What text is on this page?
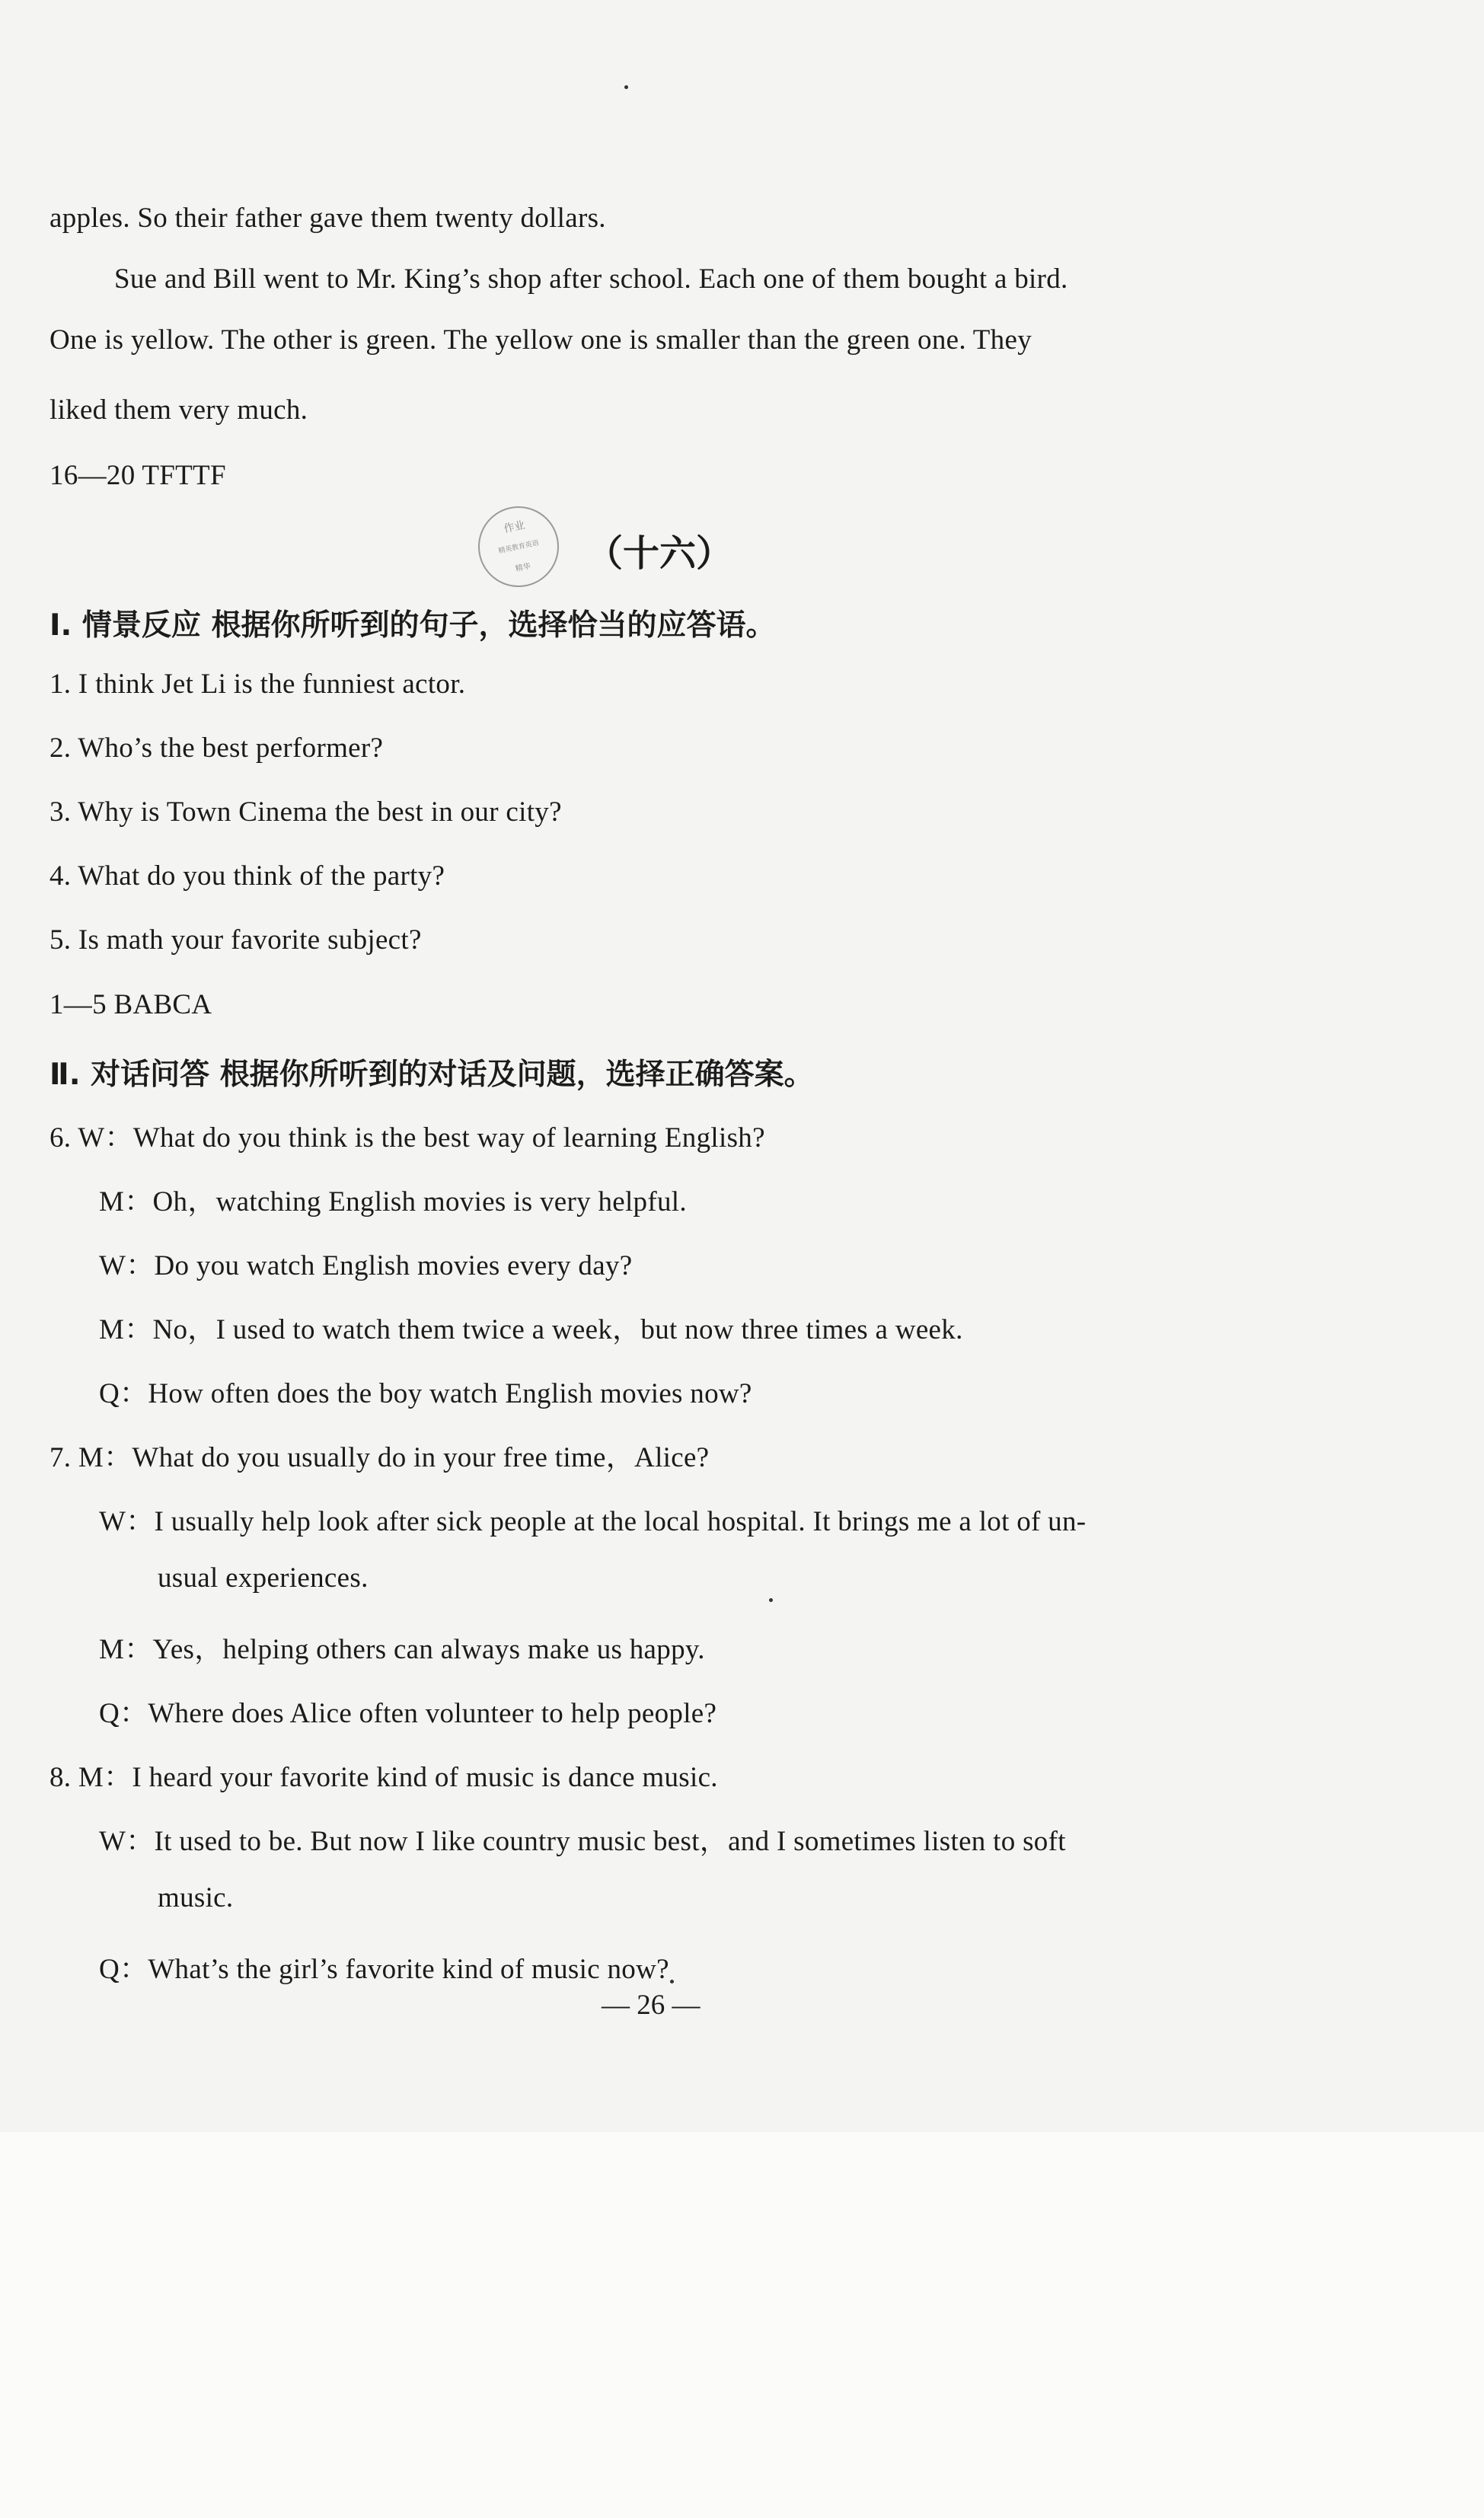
apples. So their father gave them twenty dollars.
Sue and Bill went to Mr. King’s shop after school. Each one of them bought a bird.
One is yellow. The other is green. The yellow one is smaller than the green one. They
liked them very much.
16—20 TFTTF
作业
精英教育英语
精华	（十六）
Ⅰ. 情景反应 根据你所听到的句子，选择恰当的应答语。
1. I think Jet Li is the funniest actor.
2. Who’s the best performer?
3. Why is Town Cinema the best in our city?
4. What do you think of the party?
5. Is math your favorite subject?
1—5 BABCA
Ⅱ. 对话问答 根据你所听到的对话及问题，选择正确答案。
6. W：What do you think is the best way of learning English?
M：Oh，watching English movies is very helpful.
W：Do you watch English movies every day?
M：No，I used to watch them twice a week，but now three times a week.
Q：How often does the boy watch English movies now?
7. M：What do you usually do in your free time，Alice?
W：I usually help look after sick people at the local hospital. It brings me a lot of un-
usual experiences.
M：Yes，helping others can always make us happy.
Q：Where does Alice often volunteer to help people?
8. M：I heard your favorite kind of music is dance music.
W：It used to be. But now I like country music best，and I sometimes listen to soft
music.
Q：What’s the girl’s favorite kind of music now?
— 26 —
